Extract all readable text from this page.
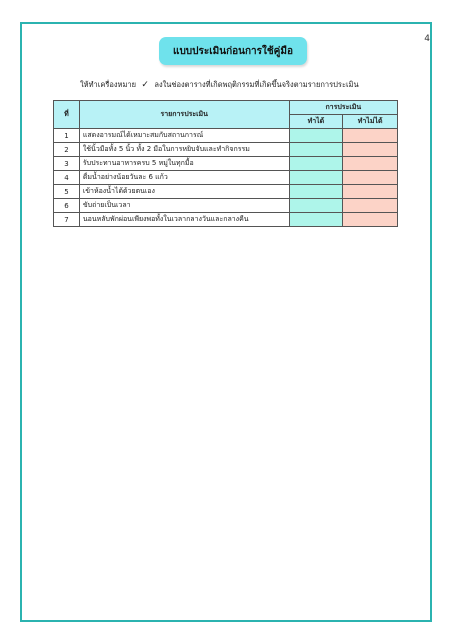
4
แบบประเมินก่อนการใช้คู่มือ
ให้ทำเครื่องหมาย ✓ ลงในช่องตารางที่เกิดพฤติกรรมที่เกิดขึ้นจริงตามรายการประเมิน
ที่	รายการประเมิน	การประเมิน	
		ทำได้	ทำไม่ได้
1	แสดงอารมณ์ได้เหมาะสมกับสถานการณ์		
2	ใช้นิ้วมือทั้ง 5 นิ้ว ทั้ง 2 มือในการหยิบจับและทำกิจกรรม		
3	รับประทานอาหารครบ 5 หมู่ในทุกมื้อ		
4	ดื่มน้ำอย่างน้อยวันละ 6 แก้ว		
5	เข้าห้องน้ำได้ด้วยตนเอง		
6	ขับถ่ายเป็นเวลา		
7	นอนหลับพักผ่อนเพียงพอทั้งในเวลากลางวันและกลางคืน		
